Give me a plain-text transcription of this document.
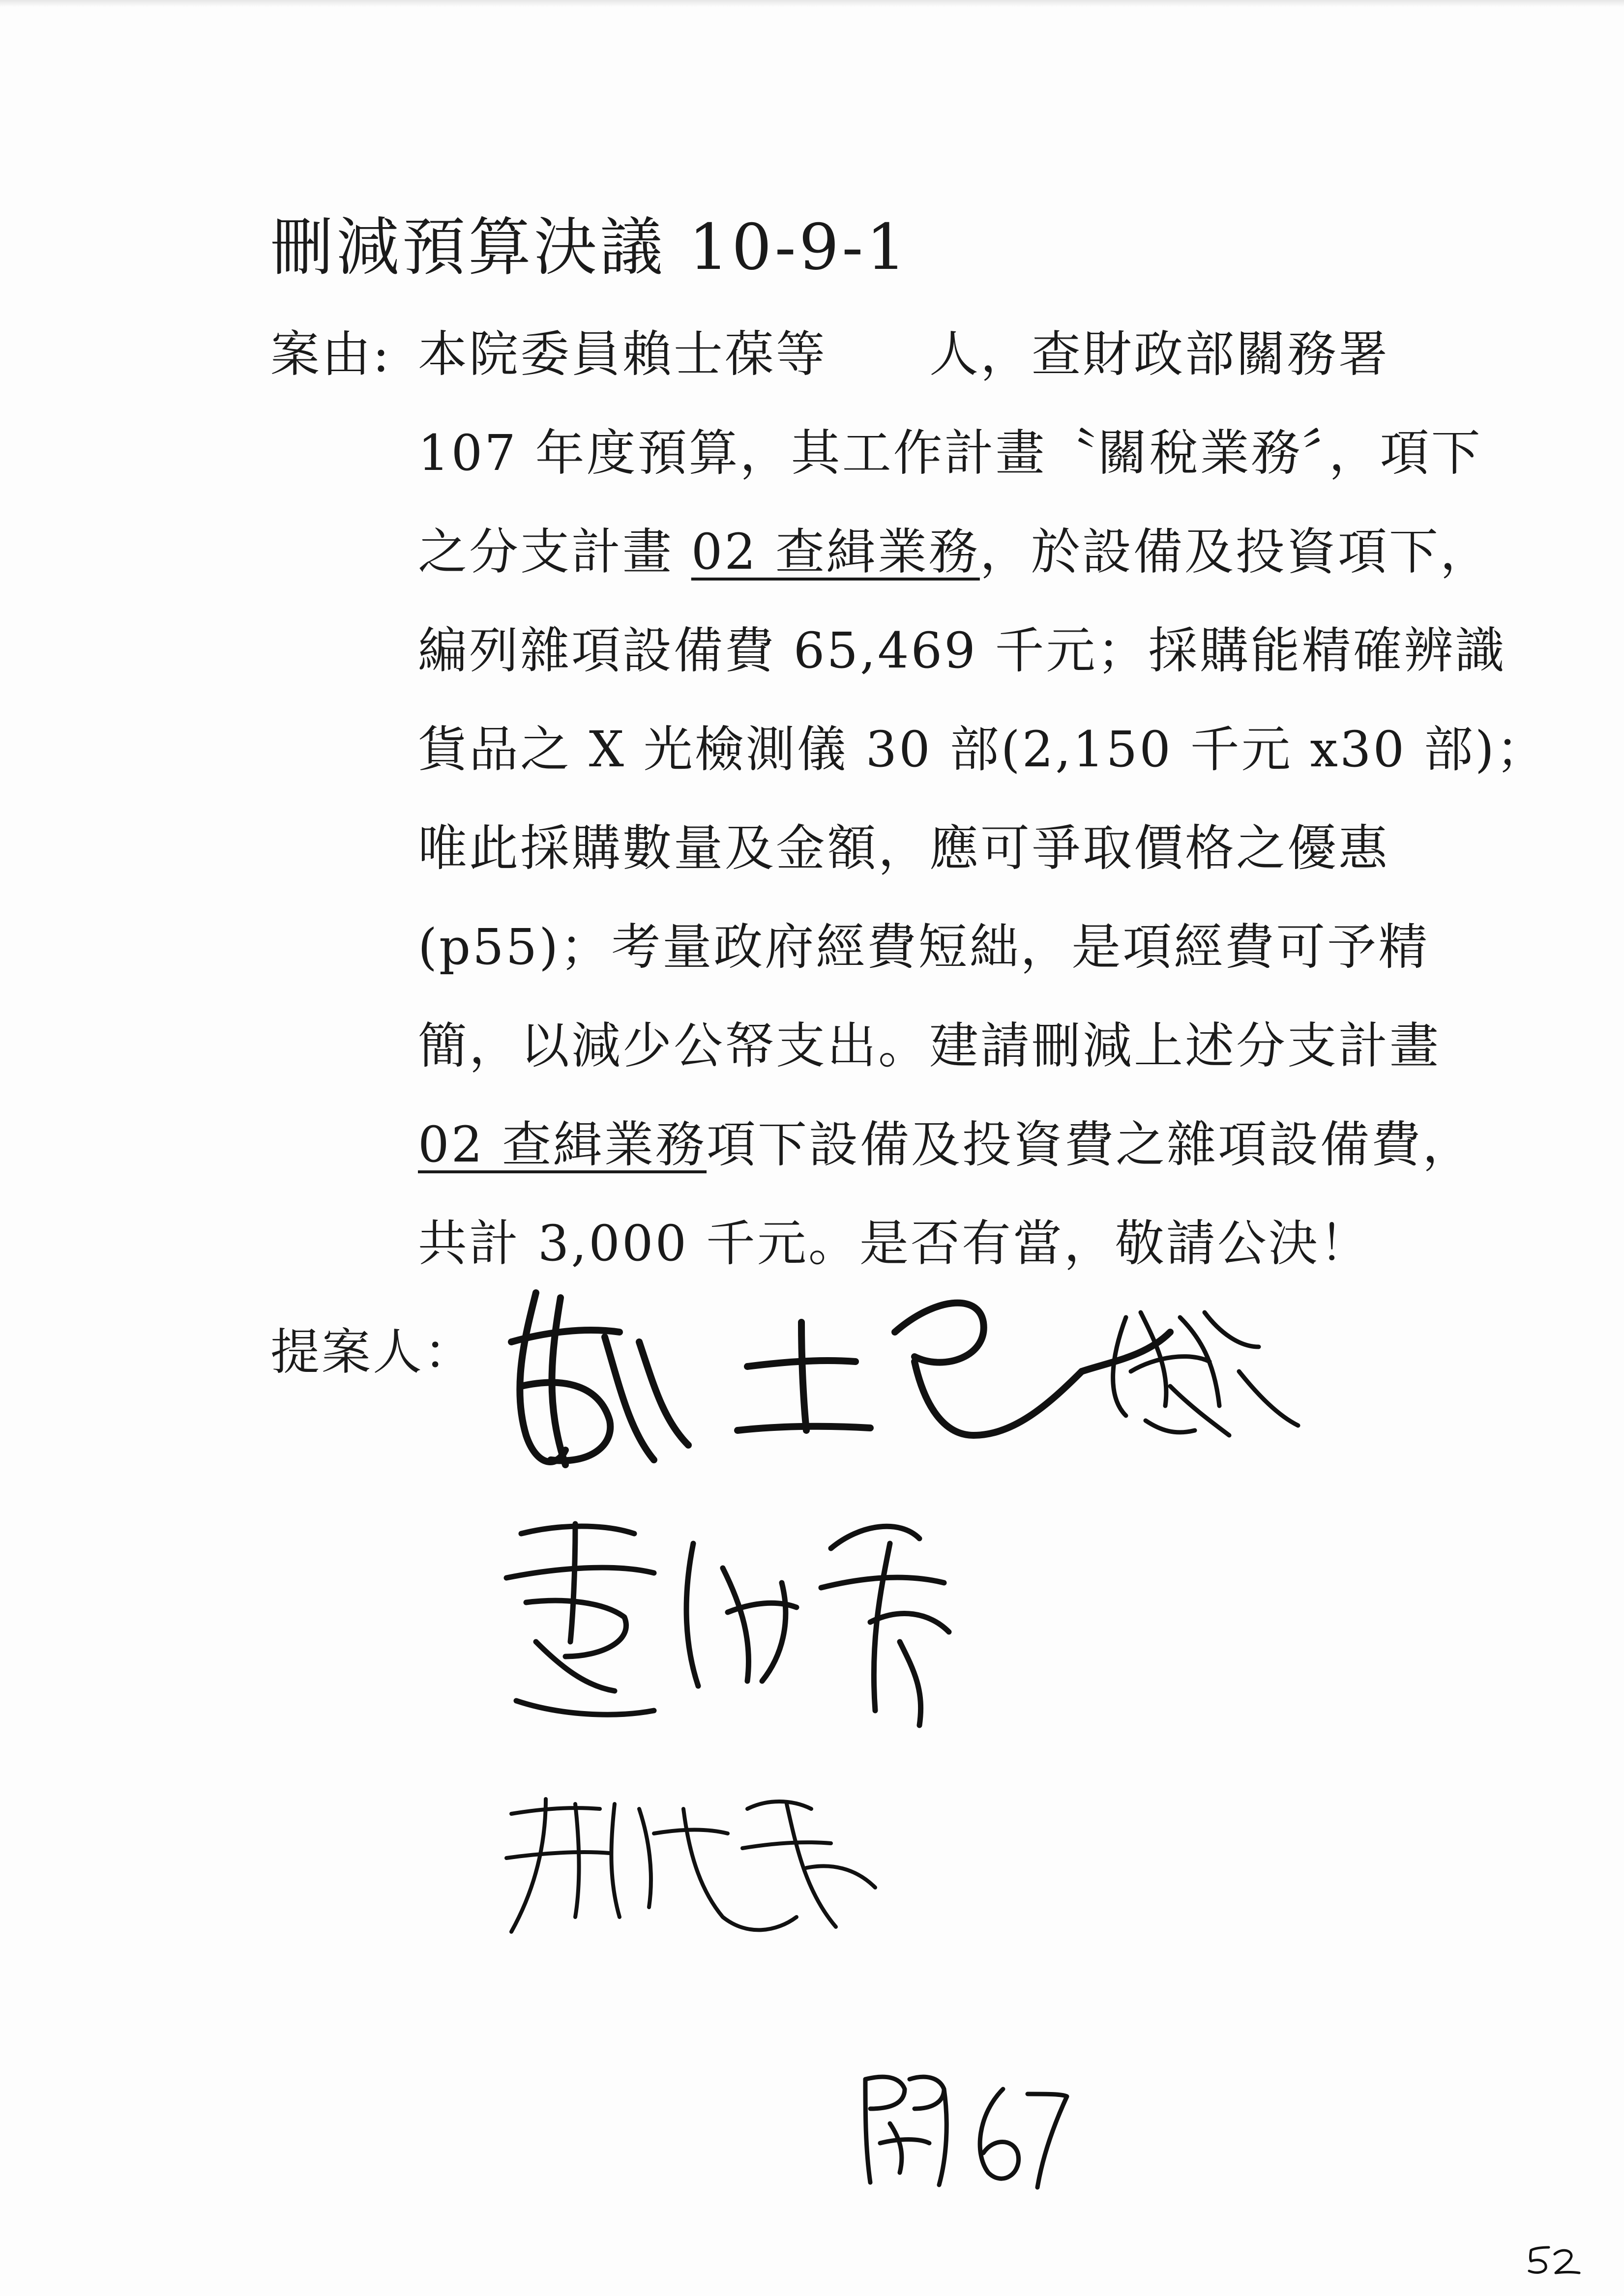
刪減預算決議 10-9-1
案由: 本院委員賴士葆等　　人，查財政部關務署
107 年度預算，其工作計畫〝關稅業務〞，項下
之分支計畫 02 查緝業務，於設備及投資項下，
編列雜項設備費 65,469 千元；採購能精確辨識
貨品之 X 光檢測儀 30 部(2,150 千元 x30 部)；
唯此採購數量及金額，應可爭取價格之優惠
(p55)；考量政府經費短絀，是項經費可予精
簡，以減少公帑支出。建請刪減上述分支計畫
02 查緝業務項下設備及投資費之雜項設備費，
共計 3,000 千元。是否有當，敬請公決！
提案人：
